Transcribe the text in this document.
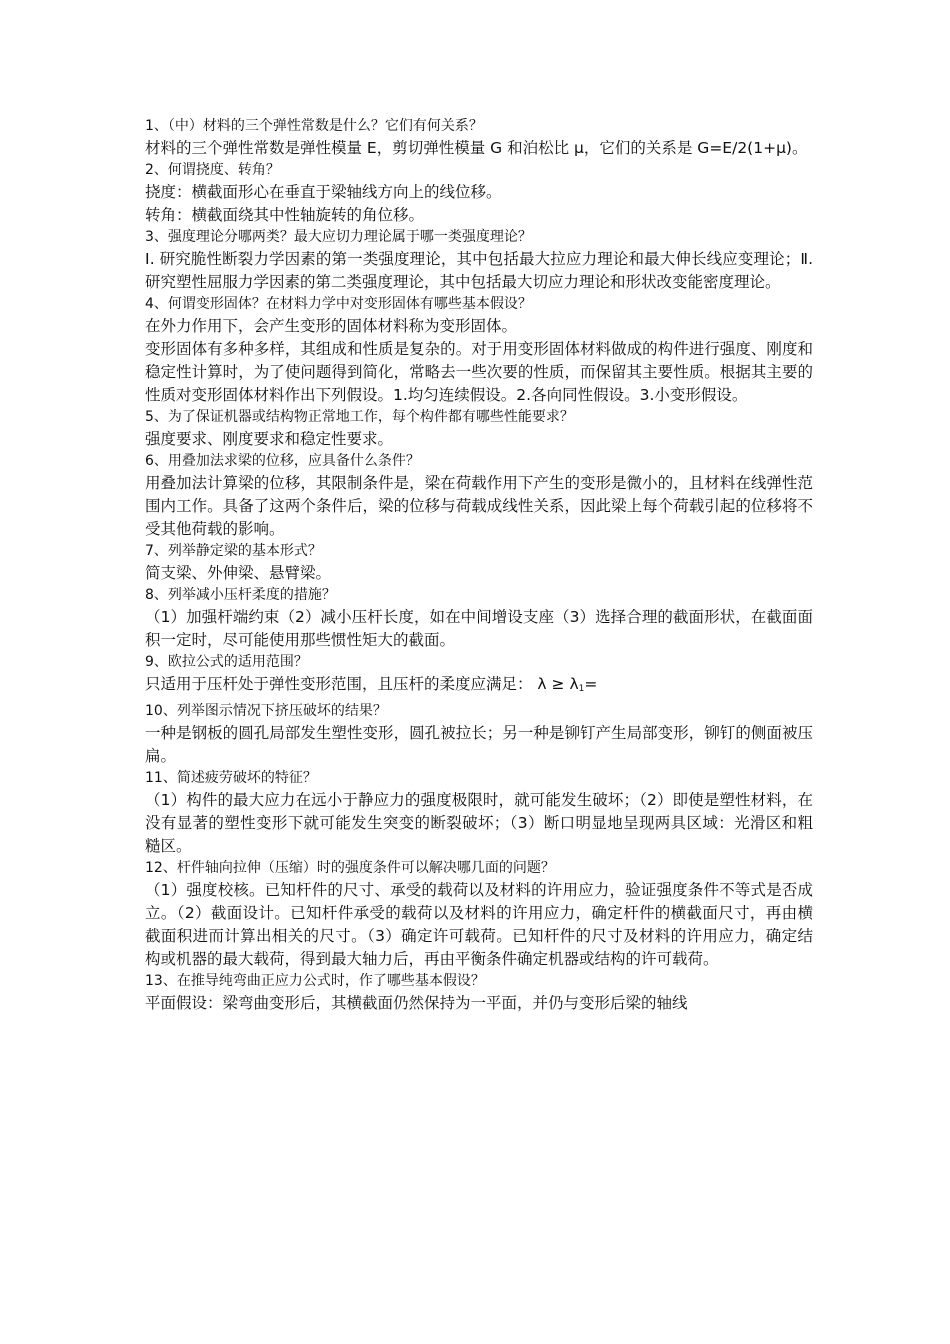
1、（中）材料的三个弹性常数是什么？它们有何关系？

材料的三个弹性常数是弹性模量 E，剪切弹性模量 G 和泊松比 μ，它们的关系是 G=E/2(1+μ)。

2、何谓挠度、转角？

挠度：横截面形心在垂直于梁轴线方向上的线位移。

转角：横截面绕其中性轴旋转的角位移。

3、强度理论分哪两类？最大应切力理论属于哪一类强度理论？

Ⅰ. 研究脆性断裂力学因素的第一类强度理论，其中包括最大拉应力理论和最大伸长线应变理论；Ⅱ. 研究塑性屈服力学因素的第二类强度理论，其中包括最大切应力理论和形状改变能密度理论。

4、何谓变形固体？在材料力学中对变形固体有哪些基本假设？

在外力作用下，会产生变形的固体材料称为变形固体。

变形固体有多种多样，其组成和性质是复杂的。对于用变形固体材料做成的构件进行强度、刚度和稳定性计算时，为了使问题得到简化，常略去一些次要的性质，而保留其主要性质。根据其主要的性质对变形固体材料作出下列假设。1.均匀连续假设。2.各向同性假设。3.小变形假设。

5、为了保证机器或结构物正常地工作，每个构件都有哪些性能要求？

强度要求、刚度要求和稳定性要求。

6、用叠加法求梁的位移，应具备什么条件？

用叠加法计算梁的位移，其限制条件是，梁在荷载作用下产生的变形是微小的，且材料在线弹性范围内工作。具备了这两个条件后，梁的位移与荷载成线性关系，因此梁上每个荷载引起的位移将不受其他荷载的影响。

7、列举静定梁的基本形式？

简支梁、外伸梁、悬臂梁。

8、列举减小压杆柔度的措施？

（1）加强杆端约束（2）减小压杆长度，如在中间增设支座（3）选择合理的截面形状，在截面面积一定时，尽可能使用那些惯性矩大的截面。

9、欧拉公式的适用范围？

只适用于压杆处于弹性变形范围，且压杆的柔度应满足： $\lambda \ge \lambda_1=$

10、列举图示情况下挤压破坏的结果？

一种是钢板的圆孔局部发生塑性变形，圆孔被拉长；另一种是铆钉产生局部变形，铆钉的侧面被压扁。

11、简述疲劳破坏的特征？

（1）构件的最大应力在远小于静应力的强度极限时，就可能发生破坏；（2）即使是塑性材料，在没有显著的塑性变形下就可能发生突变的断裂破坏；（3）断口明显地呈现两具区域：光滑区和粗糙区。

12、杆件轴向拉伸（压缩）时的强度条件可以解决哪几面的问题？

（1）强度校核。已知杆件的尺寸、承受的载荷以及材料的许用应力，验证强度条件不等式是否成立。（2）截面设计。已知杆件承受的载荷以及材料的许用应力，确定杆件的横截面尺寸，再由横截面积进而计算出相关的尺寸。（3）确定许可载荷。已知杆件的尺寸及材料的许用应力，确定结构或机器的最大载荷，得到最大轴力后，再由平衡条件确定机器或结构的许可载荷。

13、在推导纯弯曲正应力公式时，作了哪些基本假设？

平面假设：梁弯曲变形后，其横截面仍然保持为一平面，并仍与变形后梁的轴线
